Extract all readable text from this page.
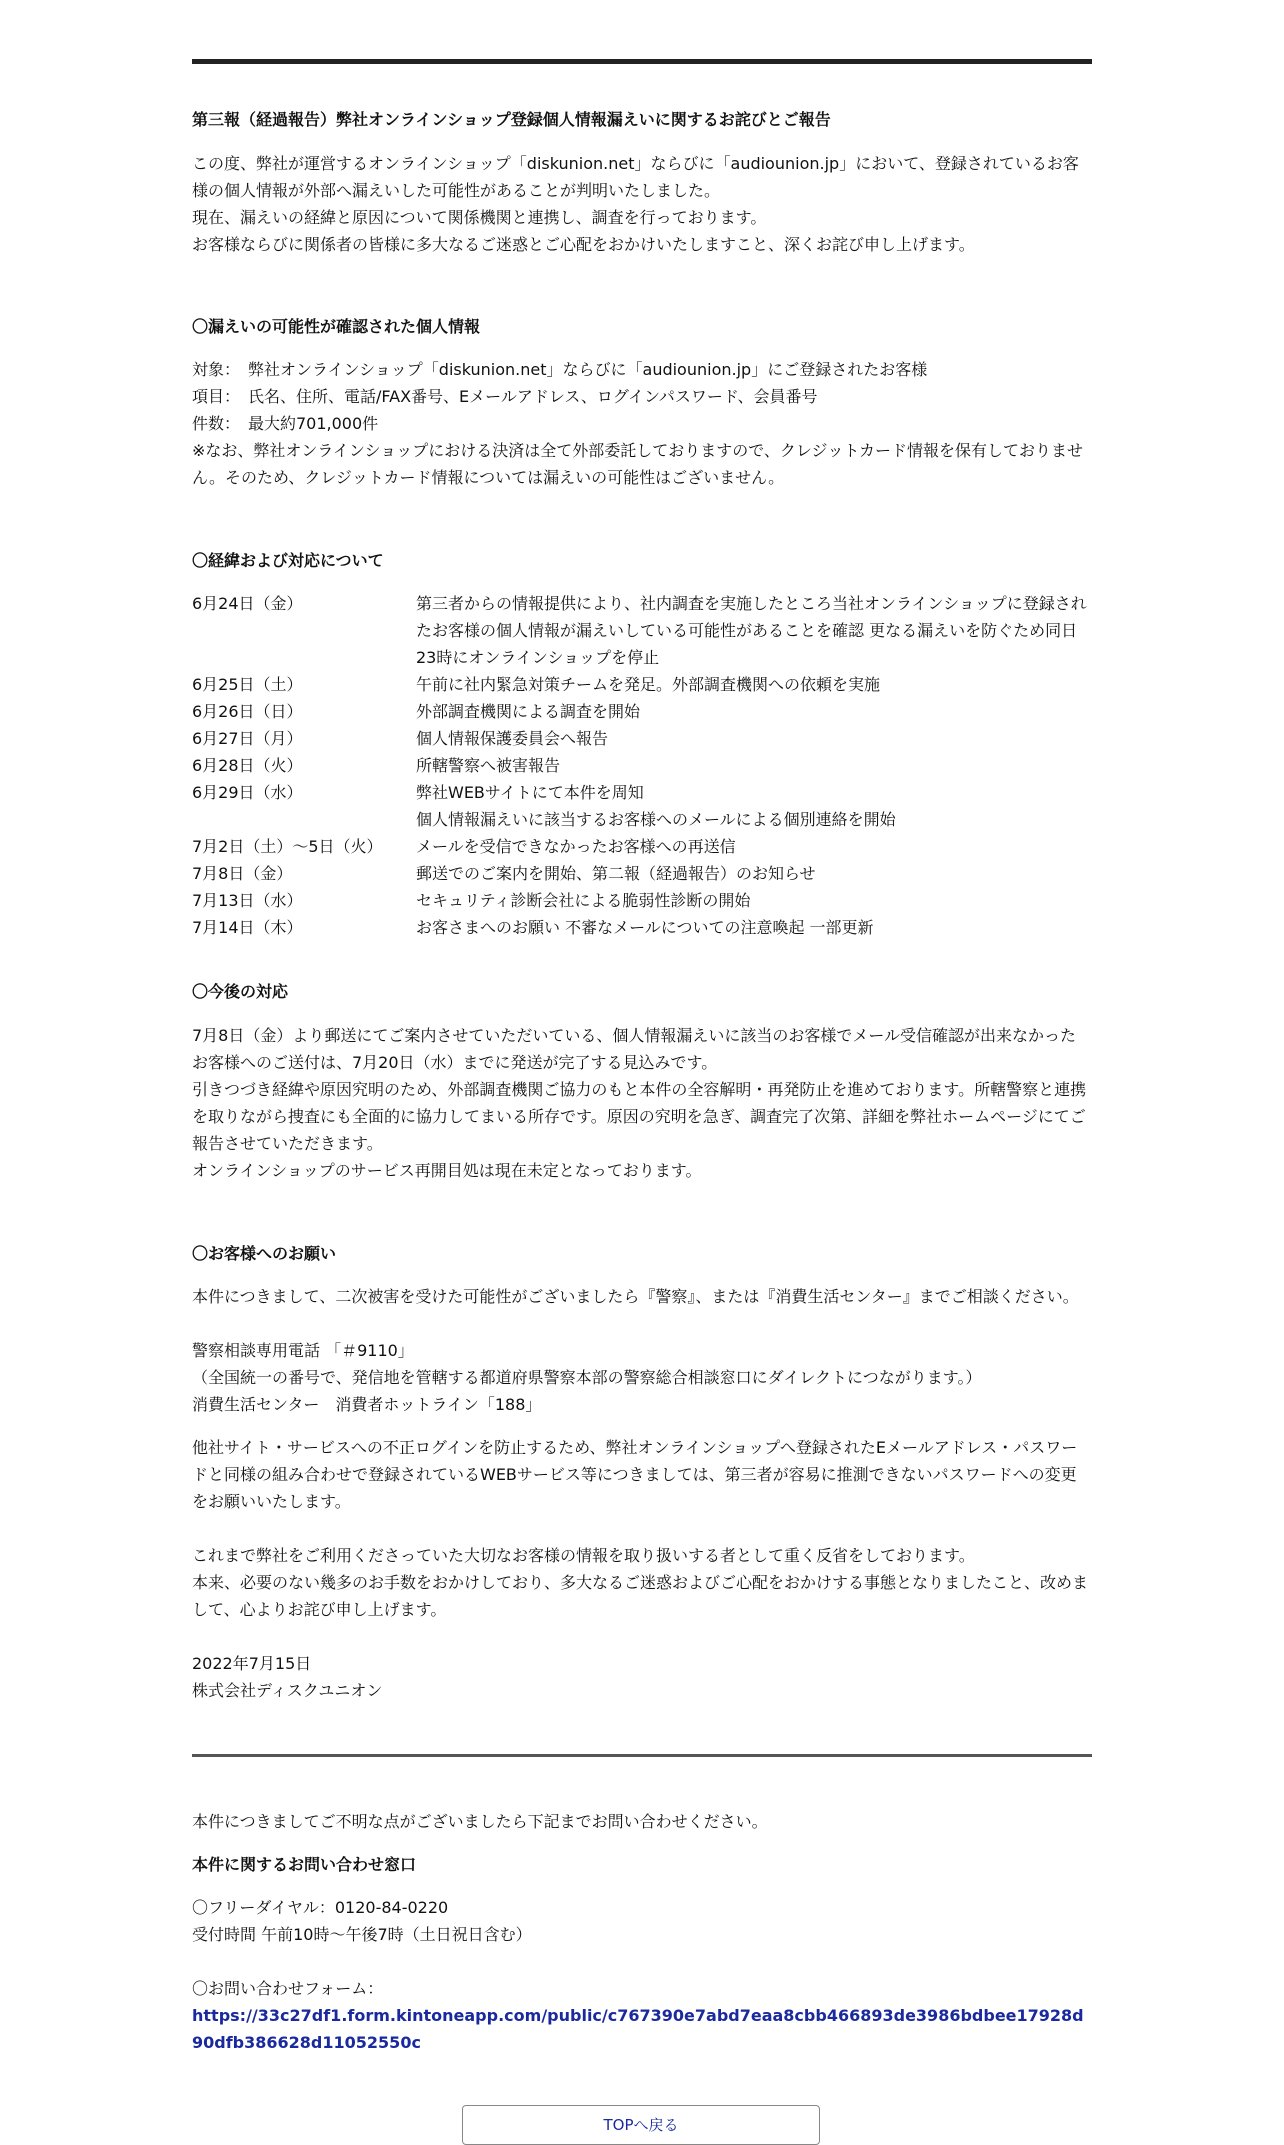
第三報（経過報告）弊社オンラインショップ登録個人情報漏えいに関するお詫びとご報告
この度、弊社が運営するオンラインショップ「diskunion.net」ならびに「audiounion.jp」において、登録されているお客様の個人情報が外部へ漏えいした可能性があることが判明いたしました。
現在、漏えいの経緯と原因について関係機関と連携し、調査を行っております。
お客様ならびに関係者の皆様に多大なるご迷惑とご心配をおかけいたしますこと、深くお詫び申し上げます。
〇漏えいの可能性が確認された個人情報
対象：　弊社オンラインショップ「diskunion.net」ならびに「audiounion.jp」にご登録されたお客様
項目：　氏名、住所、電話/FAX番号、Eメールアドレス、ログインパスワード、会員番号
件数：　最大約701,000件
※なお、弊社オンラインショップにおける決済は全て外部委託しておりますので、クレジットカード情報を保有しておりません。そのため、クレジットカード情報については漏えいの可能性はございません。
〇経緯および対応について
6月24日（金）	第三者からの情報提供により、社内調査を実施したところ当社オンラインショップに登録されたお客様の個人情報が漏えいしている可能性があることを確認 更なる漏えいを防ぐため同日23時にオンラインショップを停止
6月25日（土）	午前に社内緊急対策チームを発足。外部調査機関への依頼を実施
6月26日（日）	外部調査機関による調査を開始
6月27日（月）	個人情報保護委員会へ報告
6月28日（火）	所轄警察へ被害報告
6月29日（水）	弊社WEBサイトにて本件を周知
個人情報漏えいに該当するお客様へのメールによる個別連絡を開始
7月2日（土）～5日（火）	メールを受信できなかったお客様への再送信
7月8日（金）	郵送でのご案内を開始、第二報（経過報告）のお知らせ
7月13日（水）	セキュリティ診断会社による脆弱性診断の開始
7月14日（木）	お客さまへのお願い 不審なメールについての注意喚起 一部更新
〇今後の対応
7月8日（金）より郵送にてご案内させていただいている、個人情報漏えいに該当のお客様でメール受信確認が出来なかったお客様へのご送付は、7月20日（水）までに発送が完了する見込みです。
引きつづき経緯や原因究明のため、外部調査機関ご協力のもと本件の全容解明・再発防止を進めております。所轄警察と連携を取りながら捜査にも全面的に協力してまいる所存です。原因の究明を急ぎ、調査完了次第、詳細を弊社ホームページにてご報告させていただきます。
オンラインショップのサービス再開目処は現在未定となっております。
〇お客様へのお願い
本件につきまして、二次被害を受けた可能性がございましたら『警察』、または『消費生活センター』までご相談ください。
警察相談専用電話 「＃9110」
（全国統一の番号で、発信地を管轄する都道府県警察本部の警察総合相談窓口にダイレクトにつながります。）
消費生活センター　消費者ホットライン「188」
他社サイト・サービスへの不正ログインを防止するため、弊社オンラインショップへ登録されたEメールアドレス・パスワードと同様の組み合わせで登録されているWEBサービス等につきましては、第三者が容易に推測できないパスワードへの変更をお願いいたします。
これまで弊社をご利用くださっていた大切なお客様の情報を取り扱いする者として重く反省をしております。
本来、必要のない幾多のお手数をおかけしており、多大なるご迷惑およびご心配をおかけする事態となりましたこと、改めまして、心よりお詫び申し上げます。
2022年7月15日
株式会社ディスクユニオン
本件につきましてご不明な点がございましたら下記までお問い合わせください。
本件に関するお問い合わせ窓口
〇フリーダイヤル：0120-84-0220
受付時間 午前10時～午後7時（土日祝日含む）
〇お問い合わせフォーム：
https://33c27df1.form.kintoneapp.com/public/c767390e7abd7eaa8cbb466893de3986bdbee17928d90dfb386628d11052550c
TOPへ戻る
